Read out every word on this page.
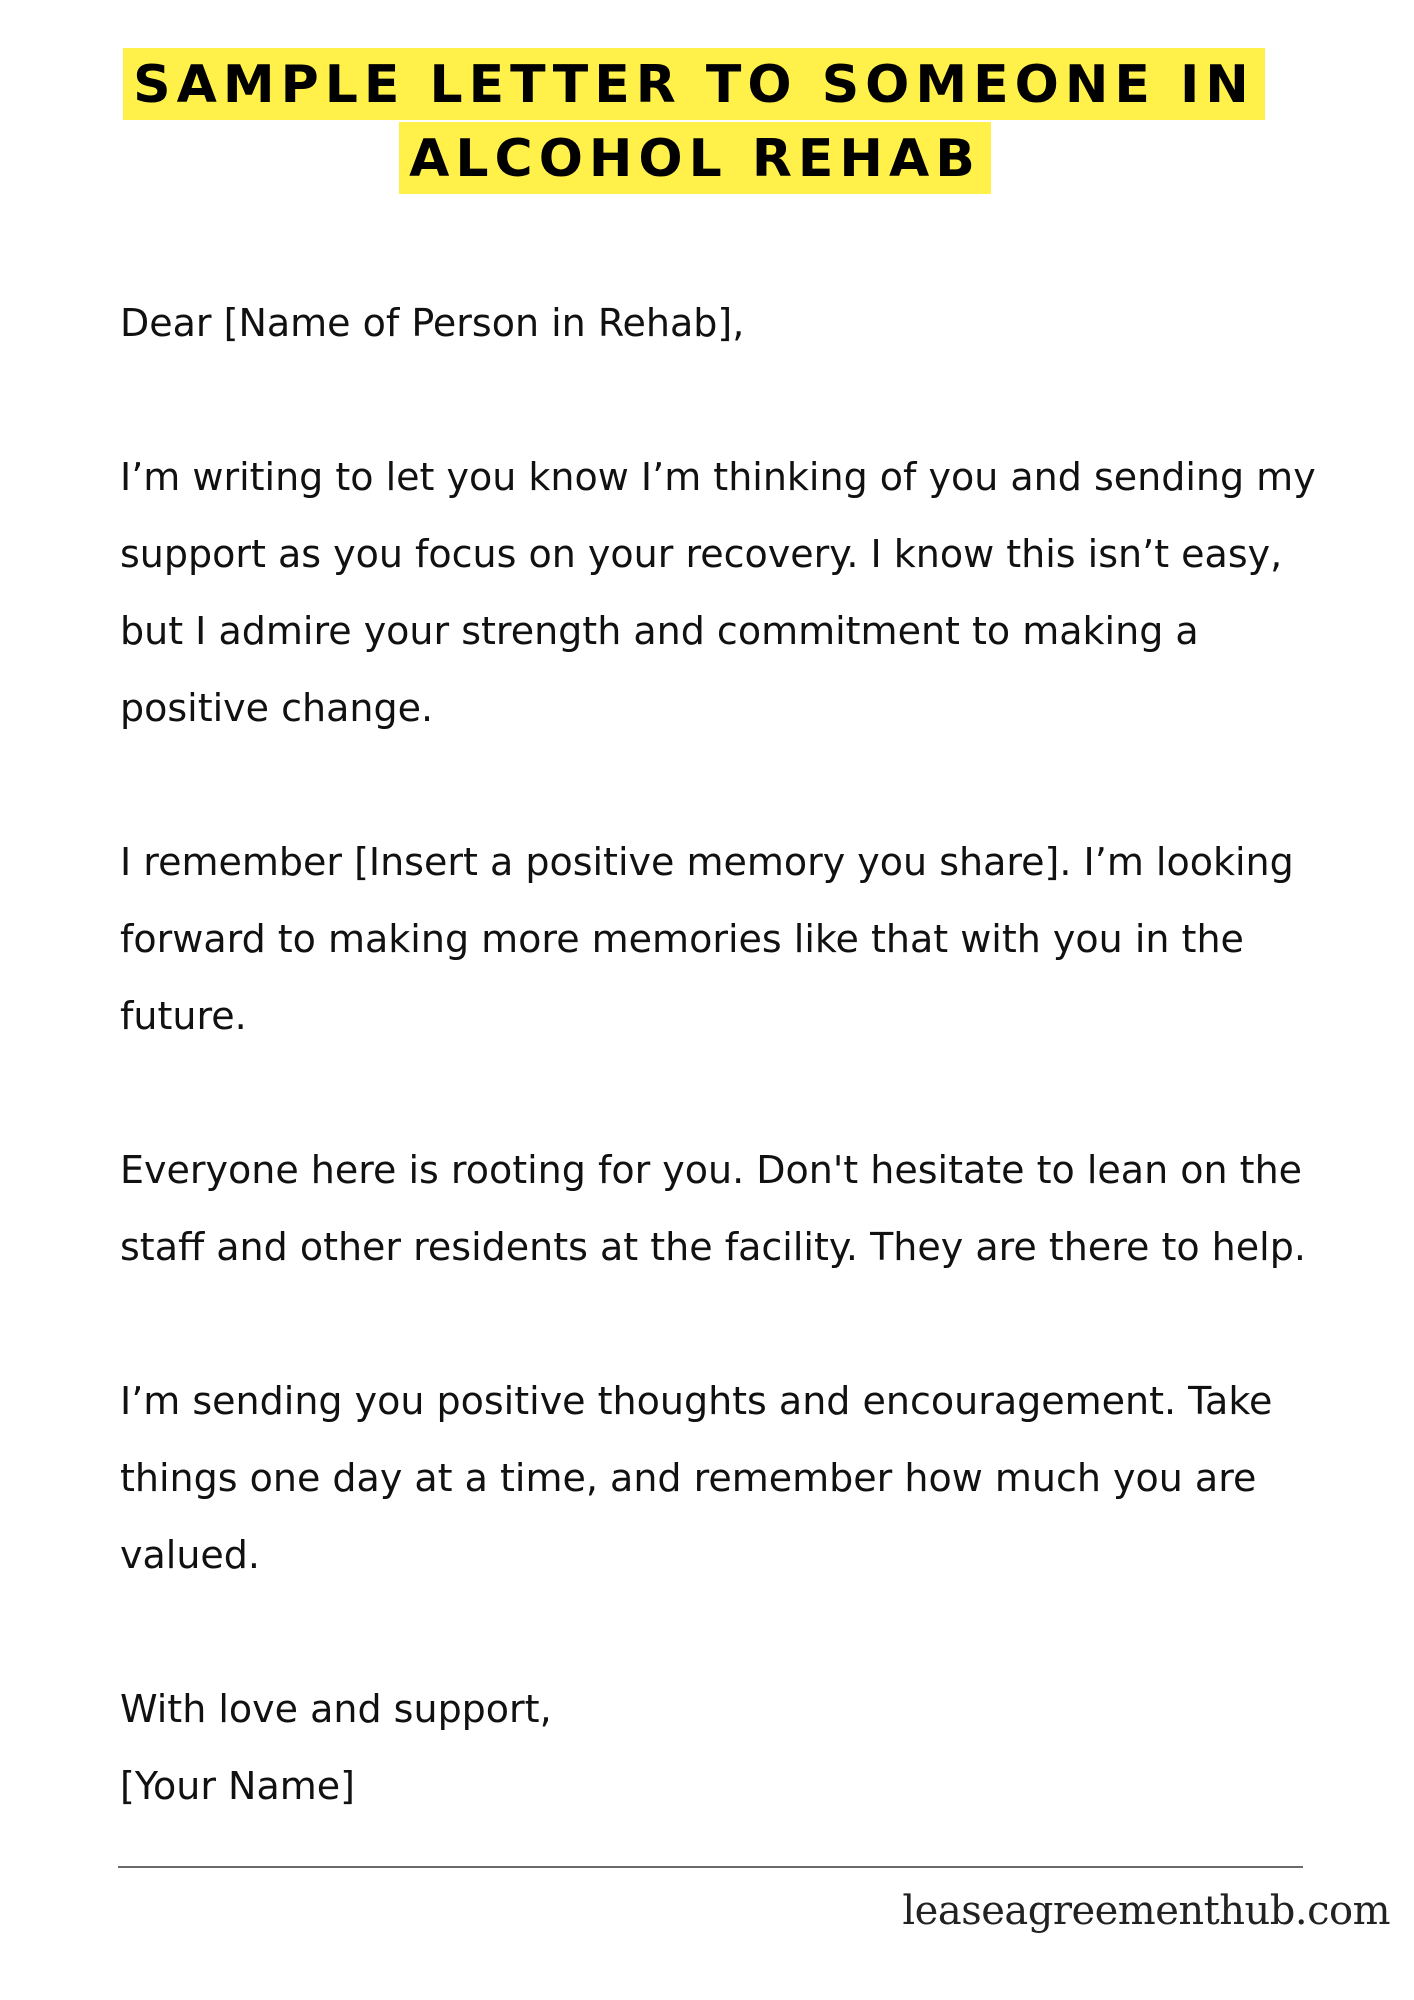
SAMPLE LETTER TO SOMEONE IN
ALCOHOL REHAB

Dear [Name of Person in Rehab],

I’m writing to let you know I’m thinking of you and sending my support as you focus on your recovery. I know this isn’t easy, but I admire your strength and commitment to making a positive change.

I remember [Insert a positive memory you share]. I’m looking forward to making more memories like that with you in the future.

Everyone here is rooting for you. Don't hesitate to lean on the staff and other residents at the facility. They are there to help.

I’m sending you positive thoughts and encouragement. Take things one day at a time, and remember how much you are valued.

With love and support,

[Your Name]

leaseagreementhub.com
